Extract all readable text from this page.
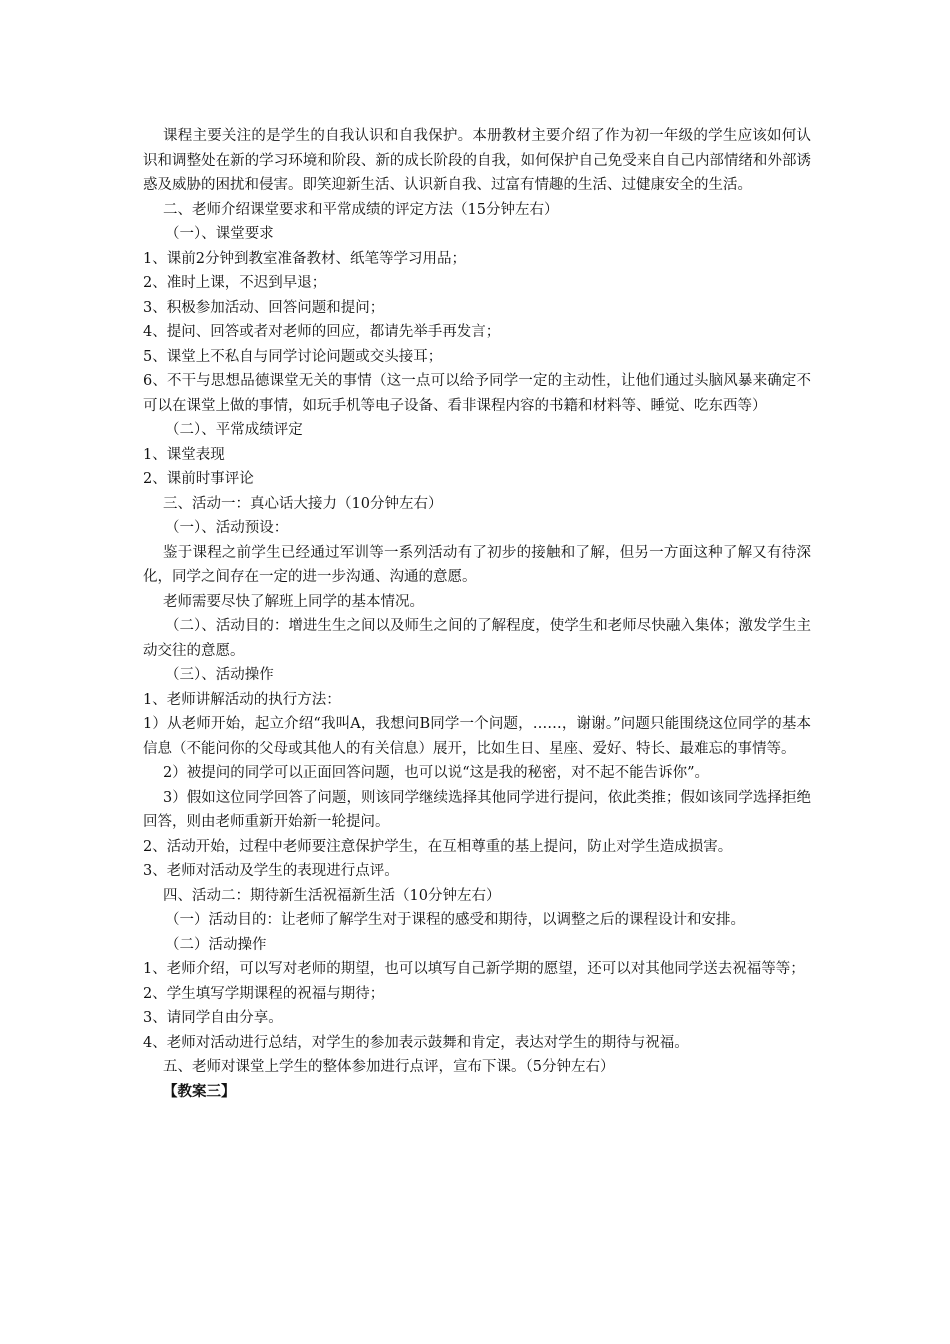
课程主要关注的是学生的自我认识和自我保护。本册教材主要介绍了作为初一年级的学生应该如何认识和调整处在新的学习环境和阶段、新的成长阶段的自我，如何保护自己免受来自自己内部情绪和外部诱惑及威胁的困扰和侵害。即笑迎新生活、认识新自我、过富有情趣的生活、过健康安全的生活。

二、老师介绍课堂要求和平常成绩的评定方法（15分钟左右）

（一）、课堂要求

1、课前2分钟到教室准备教材、纸笔等学习用品；

2、准时上课，不迟到早退；

3、积极参加活动、回答问题和提问；

4、提问、回答或者对老师的回应，都请先举手再发言；

5、课堂上不私自与同学讨论问题或交头接耳；

6、不干与思想品德课堂无关的事情（这一点可以给予同学一定的主动性，让他们通过头脑风暴来确定不可以在课堂上做的事情，如玩手机等电子设备、看非课程内容的书籍和材料等、睡觉、吃东西等）

（二）、平常成绩评定

1、课堂表现

2、课前时事评论

三、活动一：真心话大接力（10分钟左右）

（一）、活动预设：

鉴于课程之前学生已经通过军训等一系列活动有了初步的接触和了解，但另一方面这种了解又有待深化，同学之间存在一定的进一步沟通、沟通的意愿。

老师需要尽快了解班上同学的基本情况。

（二）、活动目的：增进生生之间以及师生之间的了解程度，使学生和老师尽快融入集体；激发学生主动交往的意愿。

（三）、活动操作

1、老师讲解活动的执行方法：

1）从老师开始，起立介绍“我叫A，我想问B同学一个问题，……，谢谢。”问题只能围绕这位同学的基本信息（不能问你的父母或其他人的有关信息）展开，比如生日、星座、爱好、特长、最难忘的事情等。

2）被提问的同学可以正面回答问题，也可以说“这是我的秘密，对不起不能告诉你”。

3）假如这位同学回答了问题，则该同学继续选择其他同学进行提问，依此类推；假如该同学选择拒绝回答，则由老师重新开始新一轮提问。

2、活动开始，过程中老师要注意保护学生，在互相尊重的基上提问，防止对学生造成损害。

3、老师对活动及学生的表现进行点评。

四、活动二：期待新生活祝福新生活（10分钟左右）

（一）活动目的：让老师了解学生对于课程的感受和期待，以调整之后的课程设计和安排。

（二）活动操作

1、老师介绍，可以写对老师的期望，也可以填写自己新学期的愿望，还可以对其他同学送去祝福等等；

2、学生填写学期课程的祝福与期待；

3、请同学自由分享。

4、老师对活动进行总结，对学生的参加表示鼓舞和肯定，表达对学生的期待与祝福。

五、老师对课堂上学生的整体参加进行点评，宣布下课。（5分钟左右）

【教案三】
